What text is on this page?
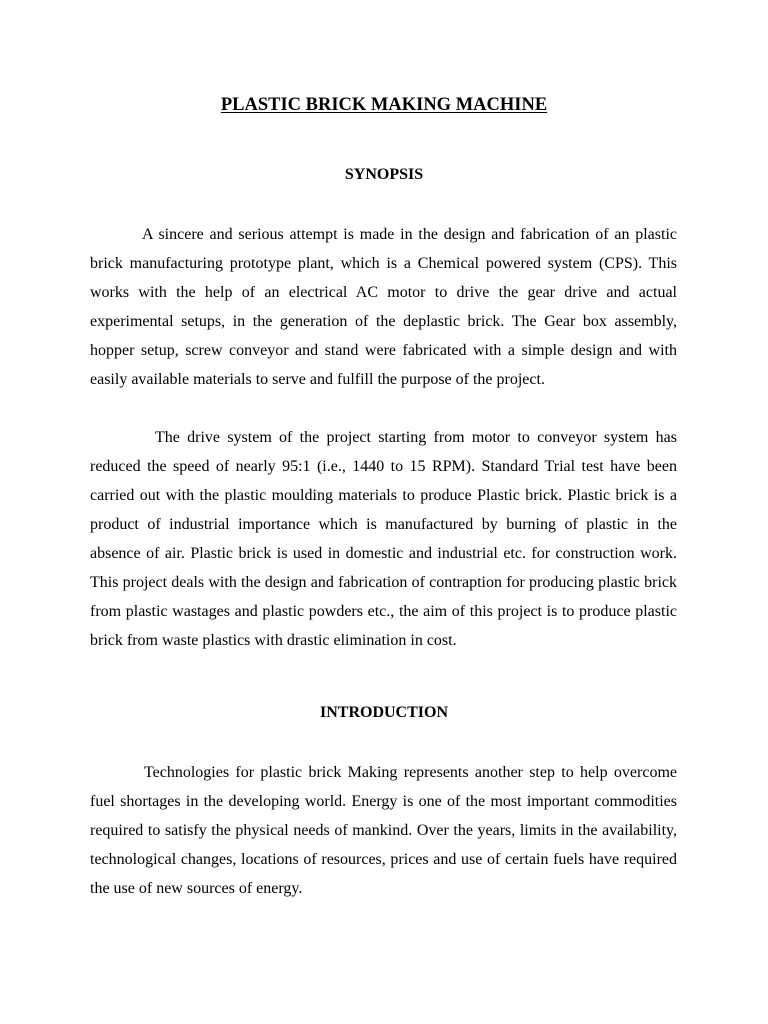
PLASTIC BRICK MAKING MACHINE
SYNOPSIS

A sincere and serious attempt is made in the design and fabrication of an plastic brick manufacturing prototype plant, which is a Chemical powered system (CPS). This works with the help of an electrical AC motor to drive the gear drive and actual experimental setups, in the generation of the deplastic brick. The Gear box assembly, hopper setup, screw conveyor and stand were fabricated with a simple design and with easily available materials to serve and fulfill the purpose of the project.

The drive system of the project starting from motor to conveyor system has reduced the speed of nearly 95:1 (i.e., 1440 to 15 RPM). Standard Trial test have been carried out with the plastic moulding materials to produce Plastic brick. Plastic brick is a product of industrial importance which is manufactured by burning of plastic in the absence of air. Plastic brick is used in domestic and industrial etc. for construction work. This project deals with the design and fabrication of contraption for producing plastic brick from plastic wastages and plastic powders etc., the aim of this project is to produce plastic brick from waste plastics with drastic elimination in cost.

INTRODUCTION

Technologies for plastic brick Making represents another step to help overcome fuel shortages in the developing world. Energy is one of the most important commodities required to satisfy the physical needs of mankind. Over the years, limits in the availability, technological changes, locations of resources, prices and use of certain fuels have required the use of new sources of energy.
